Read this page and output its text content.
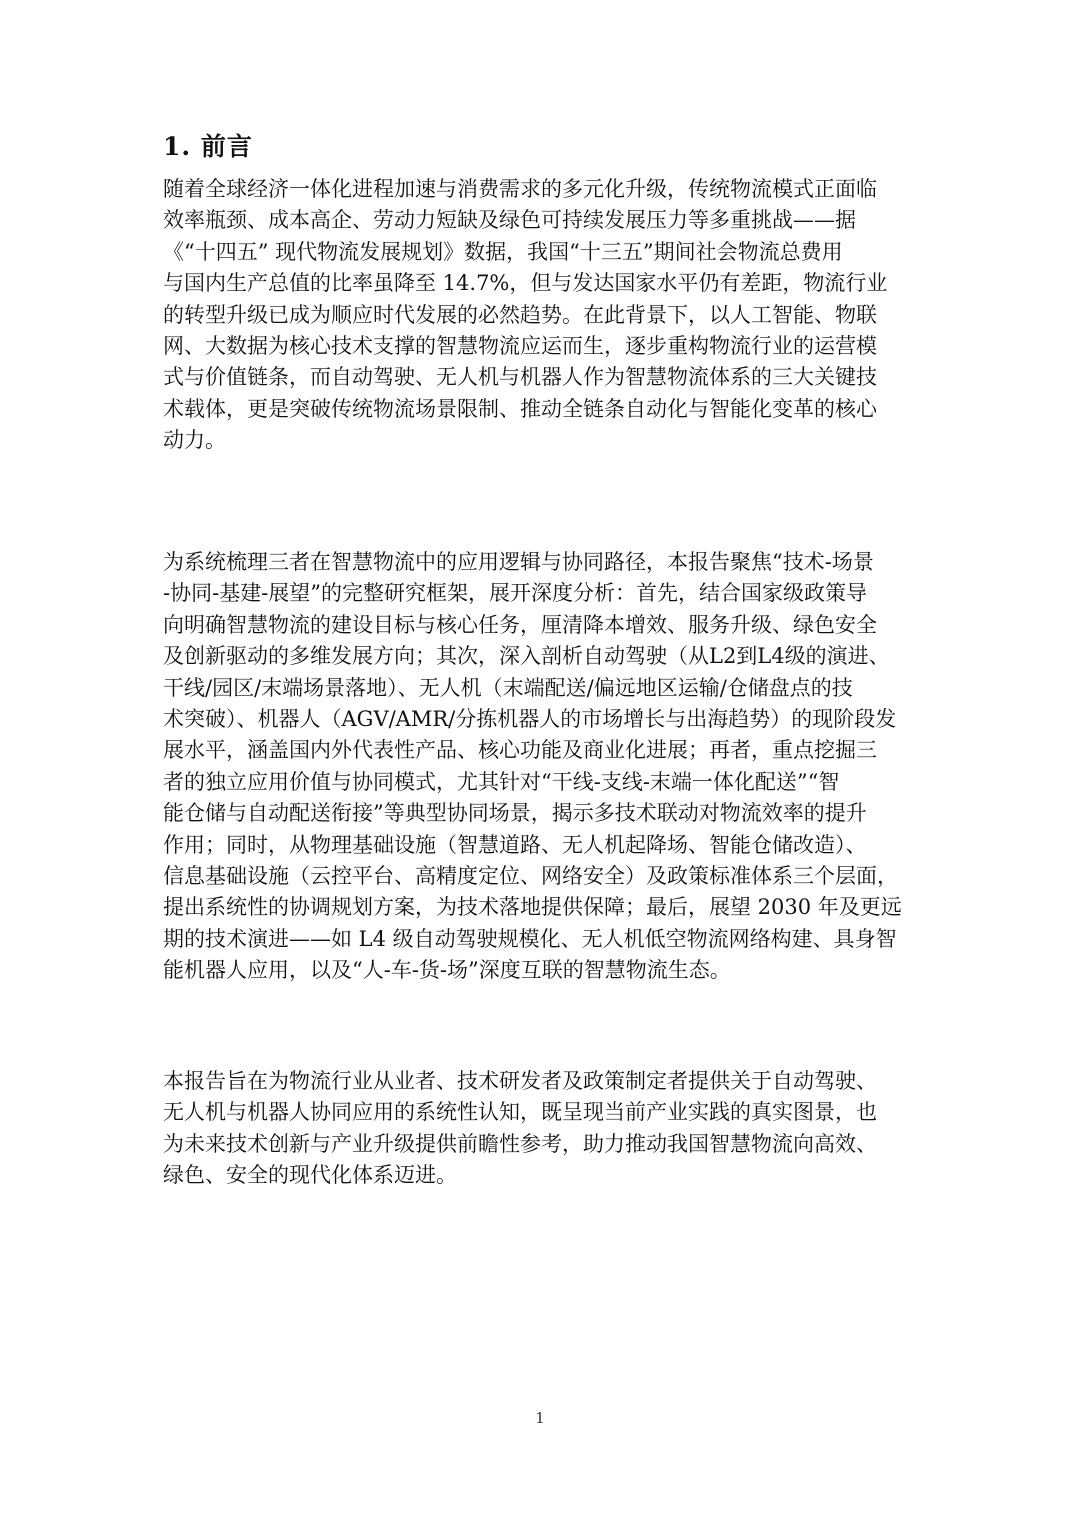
1. 前言

随着全球经济一体化进程加速与消费需求的多元化升级，传统物流模式正面临
效率瓶颈、成本高企、劳动力短缺及绿色可持续发展压力等多重挑战——据
《“十四五” 现代物流发展规划》数据，我国“十三五”期间社会物流总费用
与国内生产总值的比率虽降至 14.7%，但与发达国家水平仍有差距，物流行业
的转型升级已成为顺应时代发展的必然趋势。在此背景下，以人工智能、物联
网、大数据为核心技术支撑的智慧物流应运而生，逐步重构物流行业的运营模
式与价值链条，而自动驾驶、无人机与机器人作为智慧物流体系的三大关键技
术载体，更是突破传统物流场景限制、推动全链条自动化与智能化变革的核心
动力。

为系统梳理三者在智慧物流中的应用逻辑与协同路径，本报告聚焦“技术-场景
-协同-基建-展望”的完整研究框架，展开深度分析：首先，结合国家级政策导
向明确智慧物流的建设目标与核心任务，厘清降本增效、服务升级、绿色安全
及创新驱动的多维发展方向；其次，深入剖析自动驾驶（从L2到L4级的演进、
干线/园区/末端场景落地）、无人机（末端配送/偏远地区运输/仓储盘点的技
术突破）、机器人（AGV/AMR/分拣机器人的市场增长与出海趋势）的现阶段发
展水平，涵盖国内外代表性产品、核心功能及商业化进展；再者，重点挖掘三
者的独立应用价值与协同模式，尤其针对“干线-支线-末端一体化配送”“智
能仓储与自动配送衔接”等典型协同场景，揭示多技术联动对物流效率的提升
作用；同时，从物理基础设施（智慧道路、无人机起降场、智能仓储改造）、
信息基础设施（云控平台、高精度定位、网络安全）及政策标准体系三个层面，
提出系统性的协调规划方案，为技术落地提供保障；最后，展望 2030 年及更远
期的技术演进——如 L4 级自动驾驶规模化、无人机低空物流网络构建、具身智
能机器人应用，以及“人-车-货-场”深度互联的智慧物流生态。

本报告旨在为物流行业从业者、技术研发者及政策制定者提供关于自动驾驶、
无人机与机器人协同应用的系统性认知，既呈现当前产业实践的真实图景，也
为未来技术创新与产业升级提供前瞻性参考，助力推动我国智慧物流向高效、
绿色、安全的现代化体系迈进。

1
